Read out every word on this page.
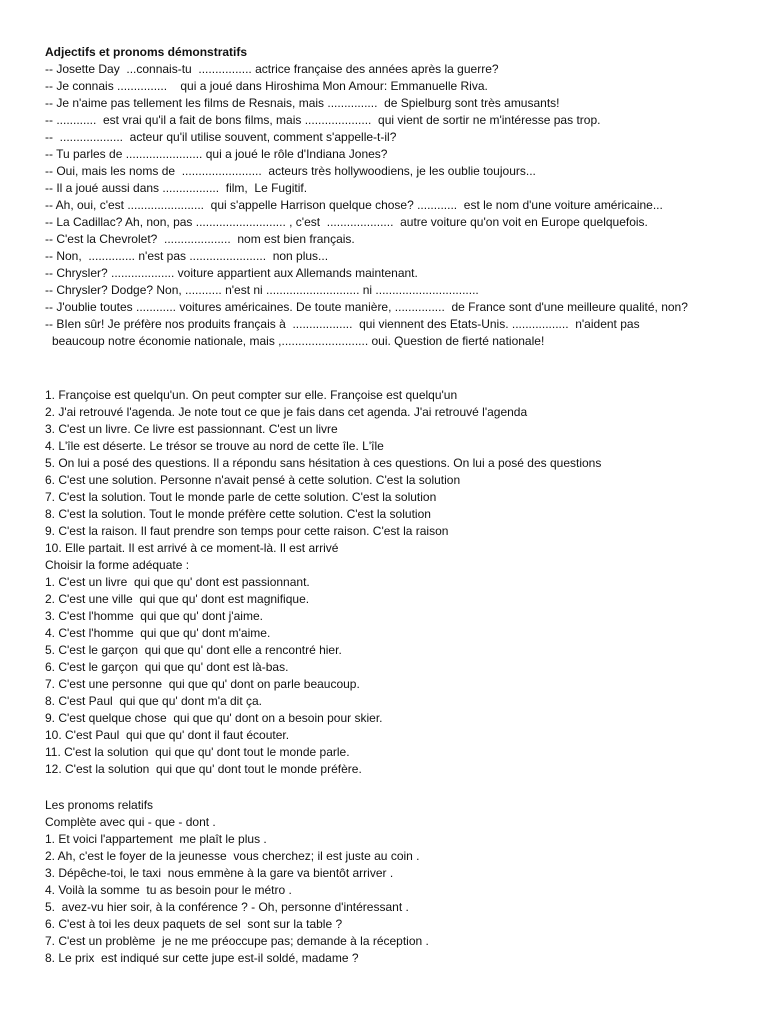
Adjectifs et pronoms démonstratifs
-- Josette Day  ...connais-tu  ................ actrice française des années après la guerre?
-- Je connais ...............    qui a joué dans Hiroshima Mon Amour: Emmanuelle Riva.
-- Je n'aime pas tellement les films de Resnais, mais ...............  de Spielburg sont très amusants!
-- ............  est vrai qu'il a fait de bons films, mais ....................  qui vient de sortir ne m'intéresse pas trop.
--  ...................  acteur qu'il utilise souvent, comment s'appelle-t-il?
-- Tu parles de ....................... qui a joué le rôle d'Indiana Jones?
-- Oui, mais les noms de  ........................  acteurs très hollywoodiens, je les oublie toujours...
-- Il a joué aussi dans .................  film,  Le Fugitif.
-- Ah, oui, c'est .......................  qui s'appelle Harrison quelque chose? ............  est le nom d'une voiture américaine...
-- La Cadillac? Ah, non, pas ........................... , c'est  ....................  autre voiture qu'on voit en Europe quelquefois.
-- C'est la Chevrolet?  ....................  nom est bien français.
-- Non,  .............. n'est pas .......................  non plus...
-- Chrysler? ................... voiture appartient aux Allemands maintenant.
-- Chrysler? Dodge? Non, ........... n'est ni ............................ ni ...............................
-- J'oublie toutes ............ voitures américaines. De toute manière, ...............  de France sont d'une meilleure qualité, non?
-- BIen sûr! Je préfère nos produits français à  ..................  qui viennent des Etats-Unis. .................  n'aident pas
beaucoup notre économie nationale, mais ,.......................... oui. Question de fierté nationale!
1. Françoise est quelqu'un. On peut compter sur elle. Françoise est quelqu'un
2. J'ai retrouvé l'agenda. Je note tout ce que je fais dans cet agenda. J'ai retrouvé l'agenda
3. C'est un livre. Ce livre est passionnant. C'est un livre
4. L'île est déserte. Le trésor se trouve au nord de cette île. L'île
5. On lui a posé des questions. Il a répondu sans hésitation à ces questions. On lui a posé des questions
6. C'est une solution. Personne n'avait pensé à cette solution. C'est la solution
7. C'est la solution. Tout le monde parle de cette solution. C'est la solution
8. C'est la solution. Tout le monde préfère cette solution. C'est la solution
9. C'est la raison. Il faut prendre son temps pour cette raison. C'est la raison
10. Elle partait. Il est arrivé à ce moment-là. Il est arrivé
Choisir la forme adéquate :
1. C'est un livre  qui que qu' dont est passionnant.
2. C'est une ville  qui que qu' dont est magnifique.
3. C'est l'homme  qui que qu' dont j'aime.
4. C'est l'homme  qui que qu' dont m'aime.
5. C'est le garçon  qui que qu' dont elle a rencontré hier.
6. C'est le garçon  qui que qu' dont est là-bas.
7. C'est une personne  qui que qu' dont on parle beaucoup.
8. C'est Paul  qui que qu' dont m'a dit ça.
9. C'est quelque chose  qui que qu' dont on a besoin pour skier.
10. C'est Paul  qui que qu' dont il faut écouter.
11. C'est la solution  qui que qu' dont tout le monde parle.
12. C'est la solution  qui que qu' dont tout le monde préfère.
Les pronoms relatifs
Complète avec qui - que - dont .
1. Et voici l'appartement  me plaît le plus .
2. Ah, c'est le foyer de la jeunesse  vous cherchez; il est juste au coin .
3. Dépêche-toi, le taxi  nous emmène à la gare va bientôt arriver .
4. Voilà la somme  tu as besoin pour le métro .
5.  avez-vu hier soir, à la conférence ? - Oh, personne d'intéressant .
6. C'est à toi les deux paquets de sel  sont sur la table ?
7. C'est un problème  je ne me préoccupe pas; demande à la réception .
8. Le prix  est indiqué sur cette jupe est-il soldé, madame ?
